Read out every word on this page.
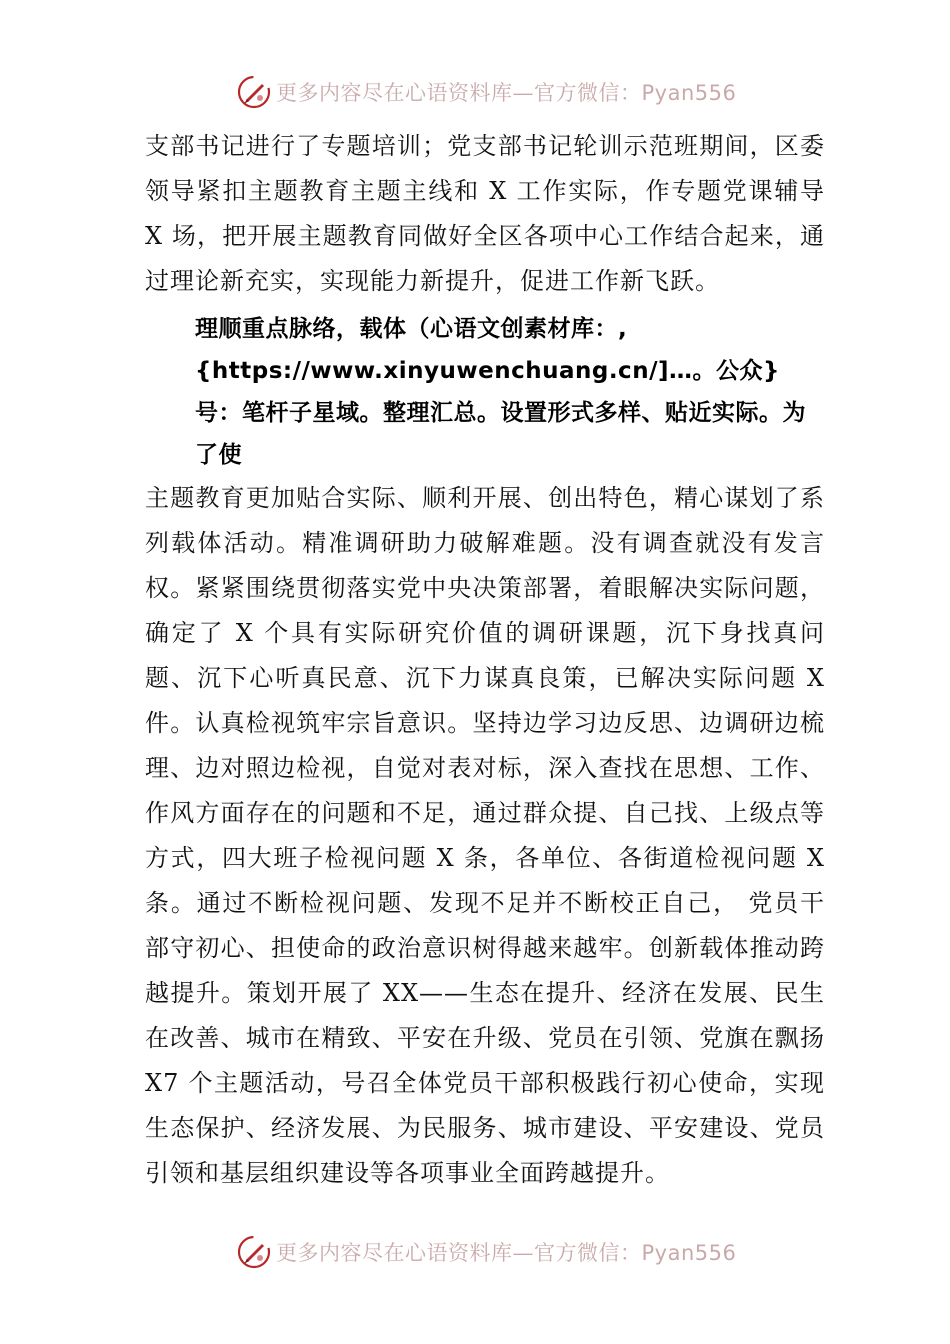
更多内容尽在心语资料库—官方微信：Pyan556

支部书记进行了专题培训；党支部书记轮训示范班期间，区委领导紧扣主题教育主题主线和 X 工作实际，作专题党课辅导 X 场，把开展主题教育同做好全区各项中心工作结合起来，通过理论新充实，实现能力新提升，促进工作新飞跃。

理顺重点脉络，载体（心语文创素材库：,{https://www.xinyuwenchuang.cn/]…。公众}号：笔杆子星域。整理汇总。设置形式多样、贴近实际。为了使

主题教育更加贴合实际、顺利开展、创出特色，精心谋划了系列载体活动。精准调研助力破解难题。没有调查就没有发言权。紧紧围绕贯彻落实党中央决策部署，着眼解决实际问题，确定了 X 个具有实际研究价值的调研课题，沉下身找真问题、沉下心听真民意、沉下力谋真良策，已解决实际问题 X 件。认真检视筑牢宗旨意识。坚持边学习边反思、边调研边梳理、边对照边检视，自觉对表对标，深入查找在思想、工作、作风方面存在的问题和不足，通过群众提、自己找、上级点等方式，四大班子检视问题 X 条，各单位、各街道检视问题 X 条。通过不断检视问题、发现不足并不断校正自己， 党员干部守初心、担使命的政治意识树得越来越牢。创新载体推动跨越提升。策划开展了 XX——生态在提升、经济在发展、民生在改善、城市在精致、平安在升级、党员在引领、党旗在飘扬 X7 个主题活动，号召全体党员干部积极践行初心使命，实现生态保护、经济发展、为民服务、城市建设、平安建设、党员引领和基层组织建设等各项事业全面跨越提升。

更多内容尽在心语资料库—官方微信：Pyan556
